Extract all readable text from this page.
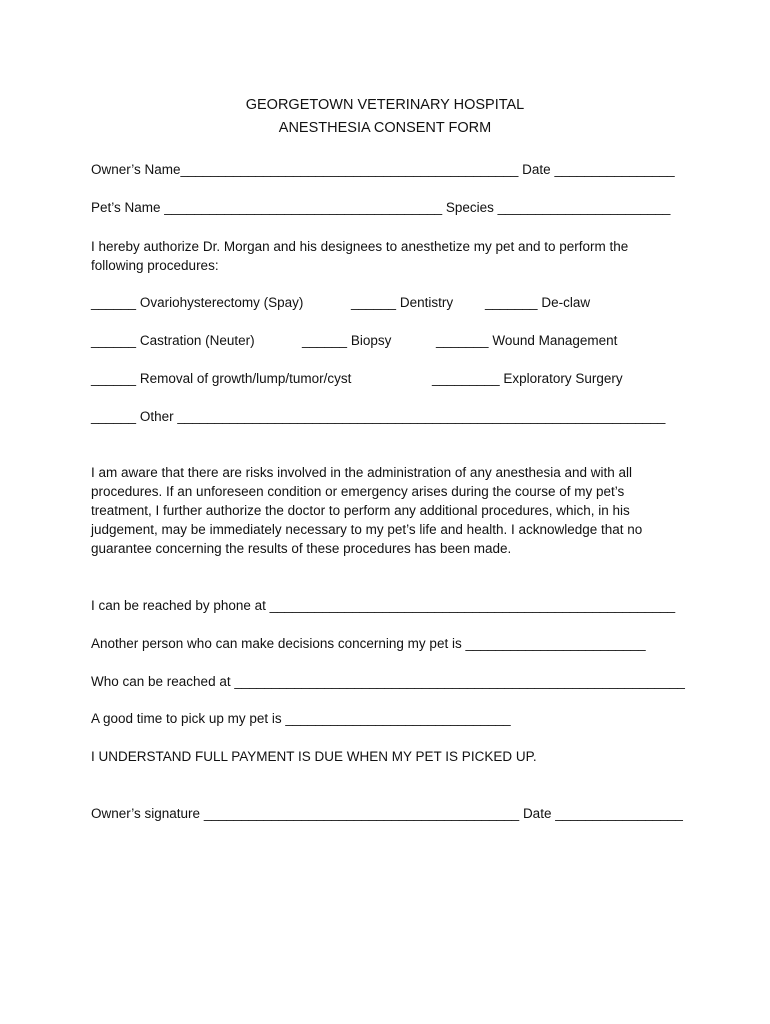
GEORGETOWN VETERINARY HOSPITAL
ANESTHESIA CONSENT FORM
Owner’s Name_____________________________________________ Date ________________
Pet’s Name _____________________________________ Species _______________________
I hereby authorize Dr. Morgan and his designees to anesthetize my pet and to perform the following procedures:
______ Ovariohysterectomy (Spay)	______ Dentistry _______ De-claw
______ Castration (Neuter)	______ Biopsy	_______ Wound Management
______ Removal of growth/lump/tumor/cyst	_________ Exploratory Surgery
______ Other _________________________________________________________________
I am aware that there are risks involved in the administration of any anesthesia and with all procedures. If an unforeseen condition or emergency arises during the course of my pet’s treatment, I further authorize the doctor to perform any additional procedures, which, in his judgement, may be immediately necessary to my pet’s life and health. I acknowledge that no guarantee concerning the results of these procedures has been made.
I can be reached by phone at ______________________________________________________
Another person who can make decisions concerning my pet is ________________________
Who can be reached at ____________________________________________________________
A good time to pick up my pet is ______________________________
I UNDERSTAND FULL PAYMENT IS DUE WHEN MY PET IS PICKED UP.
Owner’s signature __________________________________________ Date _________________
